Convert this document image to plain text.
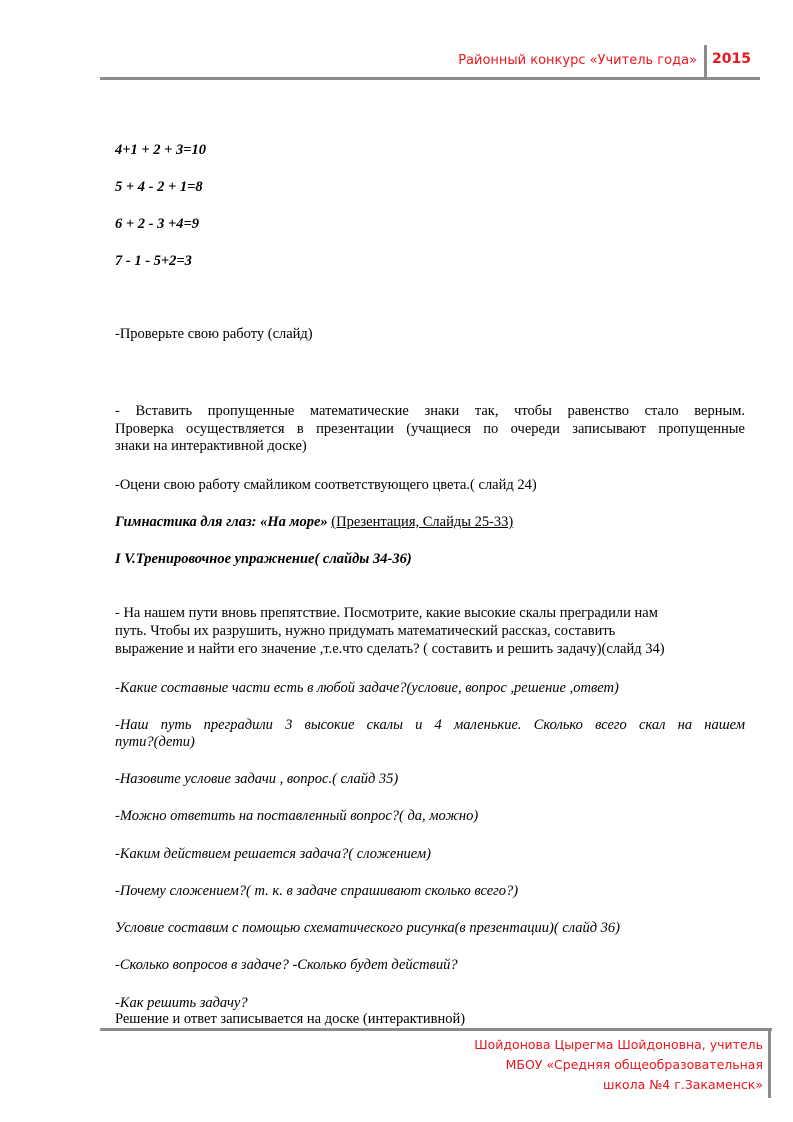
Районный конкурс «Учитель года» 2015

4+1 + 2 + 3=10

5 + 4 - 2 + 1=8

6 + 2 - 3 +4=9

7 - 1 - 5+2=3

-Проверьте свою работу (слайд)

- Вставить пропущенные математические знаки так, чтобы равенство стало верным.

Проверка осуществляется в презентации (учащиеся по очереди записывают пропущенные

знаки на интерактивной доске)

-Оцени свою работу смайликом соответствующего цвета.( слайд 24)

Гимнастика для глаз: «На море» (Презентация, Слайды 25-33)

I V.Тренировочное упражнение( слайды 34-36)

- На нашем пути вновь препятствие. Посмотрите, какие высокие скалы преградили нам

путь. Чтобы их разрушить, нужно придумать математический рассказ, составить

выражение и найти его значение ,т.е.что сделать? ( составить и решить задачу)(слайд 34)

-Какие составные части есть в любой задаче?(условие, вопрос ,решение ,ответ)

-Наш путь преградили 3 высокие скалы и 4 маленькие. Сколько всего скал на нашем

пути?(дети)

-Назовите условие задачи , вопрос.( слайд 35)

-Можно ответить на поставленный вопрос?( да, можно)

-Каким действием решается задача?( сложением)

-Почему сложением?( т. к. в задаче спрашивают сколько всего?)

Условие составим с помощью схематического рисунка(в презентации)( слайд 36)

-Сколько вопросов в задаче? -Сколько будет действий?

-Как решить задачу?

Решение и ответ записывается на доске (интерактивной)

Шойдонова Цырегма Шойдоновна, учитель

МБОУ «Средняя общеобразовательная

школа №4 г.Закаменск»
